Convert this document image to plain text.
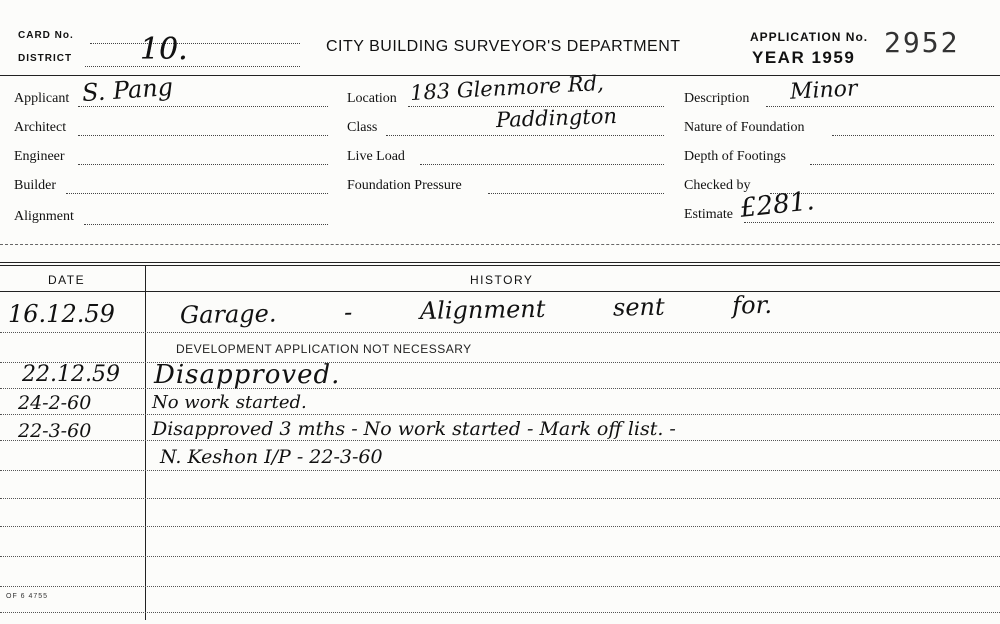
CARD No.
DISTRICT 10.	CITY BUILDING SURVEYOR'S DEPARTMENT
APPLICATION No.
YEAR 1959 2952
Applicant S. Pang
Architect
Engineer
Builder
Alignment
Location 183 Glenmore Rd,
Paddington
Class
Live Load
Foundation Pressure
Description Minor
Nature of Foundation
Depth of Footings
Checked by
Estimate £281.
DATE	HISTORY
16.12.59	Garage. - Alignment sent for.
DEVELOPMENT APPLICATION NOT NECESSARY
22.12.59 Disapproved.
24-2-60	No work started.
22-3-60	Disapproved 3 mths - No work started - Mark off list. -
N. Keshon I/P - 22-3-60
OF 6 4755
